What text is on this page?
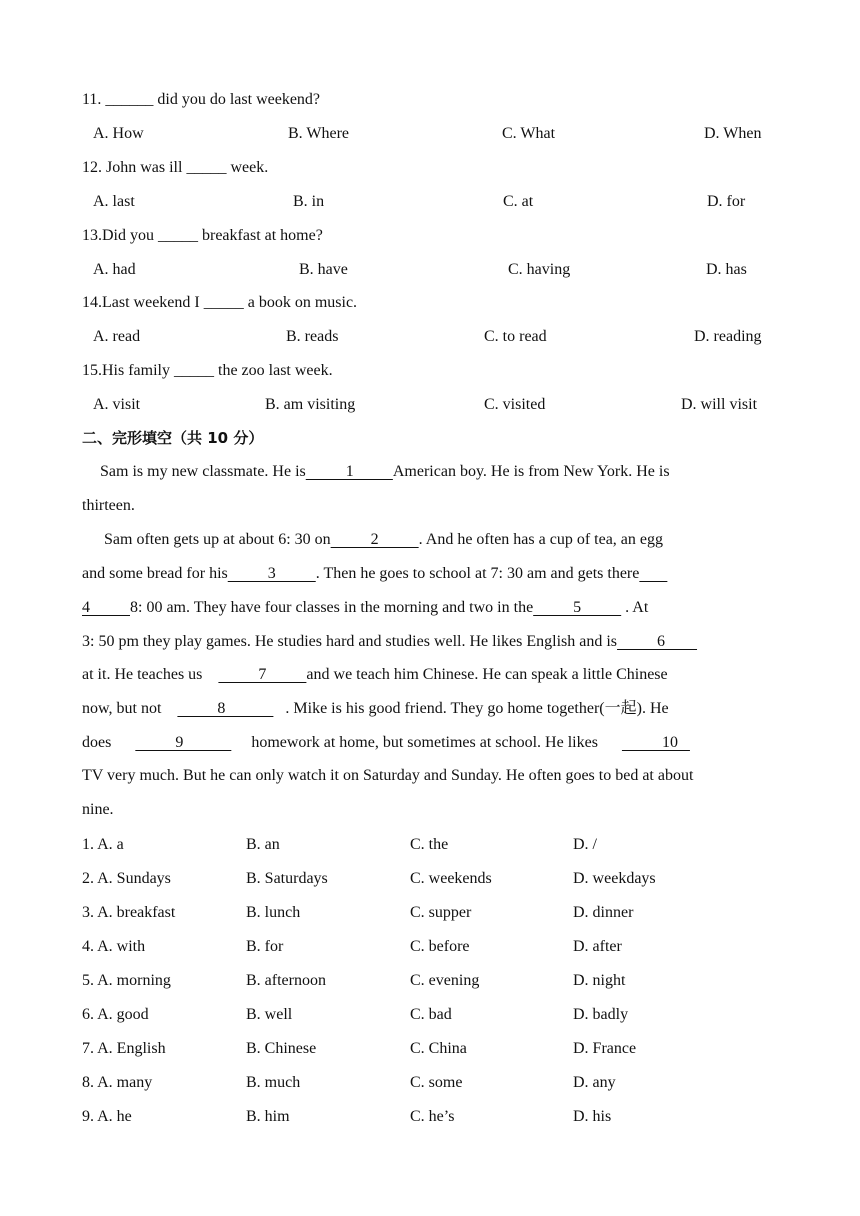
11. ______ did you do last weekend?
A. How	B. Where	C. What	D. When
12. John was ill _____ week.
A. last	B. in	C. at	D. for
13.Did you _____ breakfast at home?
A. had	B. have	C. having	D. has
14.Last weekend I _____ a book on music.
A. read	B. reads	C. to read	D. reading
15.His family _____ the zoo last week.
A. visit	B. am visiting	C. visited	D. will visit
二、完形填空（共 10 分）
Sam is my new classmate. He is          1          American boy. He is from New York. He is
thirteen.
Sam often gets up at about 6: 30 on          2          . And he often has a cup of tea, an egg
and some bread for his          3          . Then he goes to school at 7: 30 am and gets there
4          8: 00 am. They have four classes in the morning and two in the          5           . At
3: 50 pm they play games. He studies hard and studies well. He likes English and is          6
at it. He teaches us              7          and we teach him Chinese. He can speak a little Chinese
now, but not              8               . Mike is his good friend. They go home together(一起). He
does                9                 homework at home, but sometimes at school. He likes                10
TV very much. But he can only watch it on Saturday and Sunday. He often goes to bed at about
nine.
1. A. a	B. an	C. the	D. /
2. A. Sundays	B. Saturdays	C. weekends	D. weekdays
3. A. breakfast	B. lunch	C. supper	D. dinner
4. A. with	B. for	C. before	D. after
5. A. morning	B. afternoon	C. evening	D. night
6. A. good	B. well	C. bad	D. badly
7. A. English	B. Chinese	C. China	D. France
8. A. many	B. much	C. some	D. any
9. A. he	B. him	C. he’s	D. his
